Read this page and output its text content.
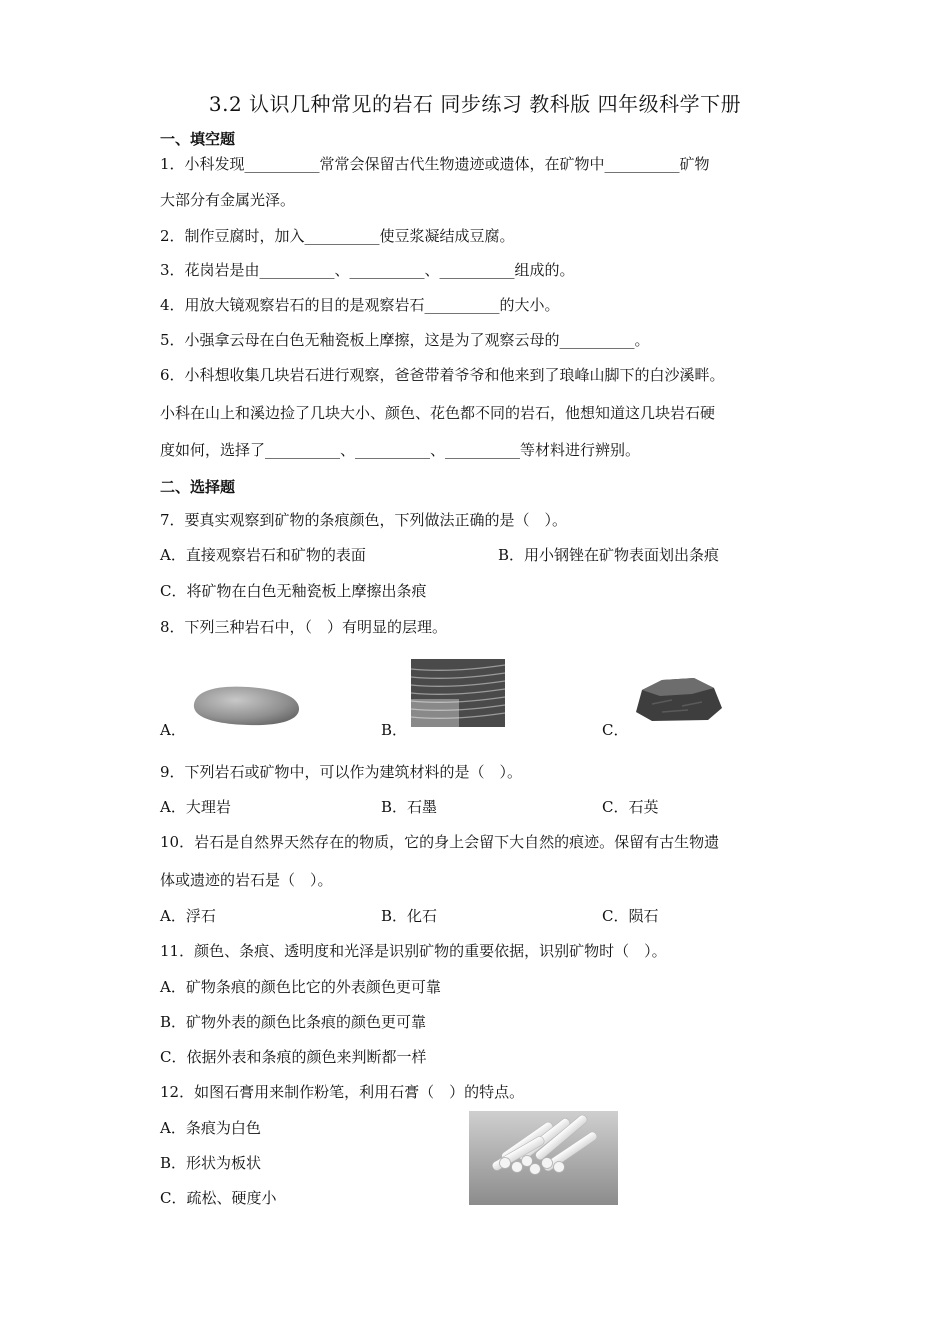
3.2 认识几种常见的岩石 同步练习 教科版 四年级科学下册
一、填空题
1．小科发现__________常常会保留古代生物遗迹或遗体，在矿物中__________矿物
大部分有金属光泽。
2．制作豆腐时，加入__________使豆浆凝结成豆腐。
3．花岗岩是由__________、__________、__________组成的。
4．用放大镜观察岩石的目的是观察岩石__________的大小。
5．小强拿云母在白色无釉瓷板上摩擦，这是为了观察云母的__________。
6．小科想收集几块岩石进行观察，爸爸带着爷爷和他来到了琅峰山脚下的白沙溪畔。
小科在山上和溪边捡了几块大小、颜色、花色都不同的岩石，他想知道这几块岩石硬
度如何，选择了__________、__________、__________等材料进行辨别。
二、选择题
7．要真实观察到矿物的条痕颜色，下列做法正确的是（　）。
A．直接观察岩石和矿物的表面	B．用小钢锉在矿物表面划出条痕
C．将矿物在白色无釉瓷板上摩擦出条痕
8．下列三种岩石中，（　）有明显的层理。
A．	B．	C．
9．下列岩石或矿物中，可以作为建筑材料的是（　）。
A．大理岩	B．石墨	C．石英
10．岩石是自然界天然存在的物质，它的身上会留下大自然的痕迹。保留有古生物遗
体或遗迹的岩石是（　）。
A．浮石	B．化石	C．陨石
11．颜色、条痕、透明度和光泽是识别矿物的重要依据，识别矿物时（　）。
A．矿物条痕的颜色比它的外表颜色更可靠
B．矿物外表的颜色比条痕的颜色更可靠
C．依据外表和条痕的颜色来判断都一样
12．如图石膏用来制作粉笔，利用石膏（　）的特点。
A．条痕为白色
B．形状为板状
C．疏松、硬度小
